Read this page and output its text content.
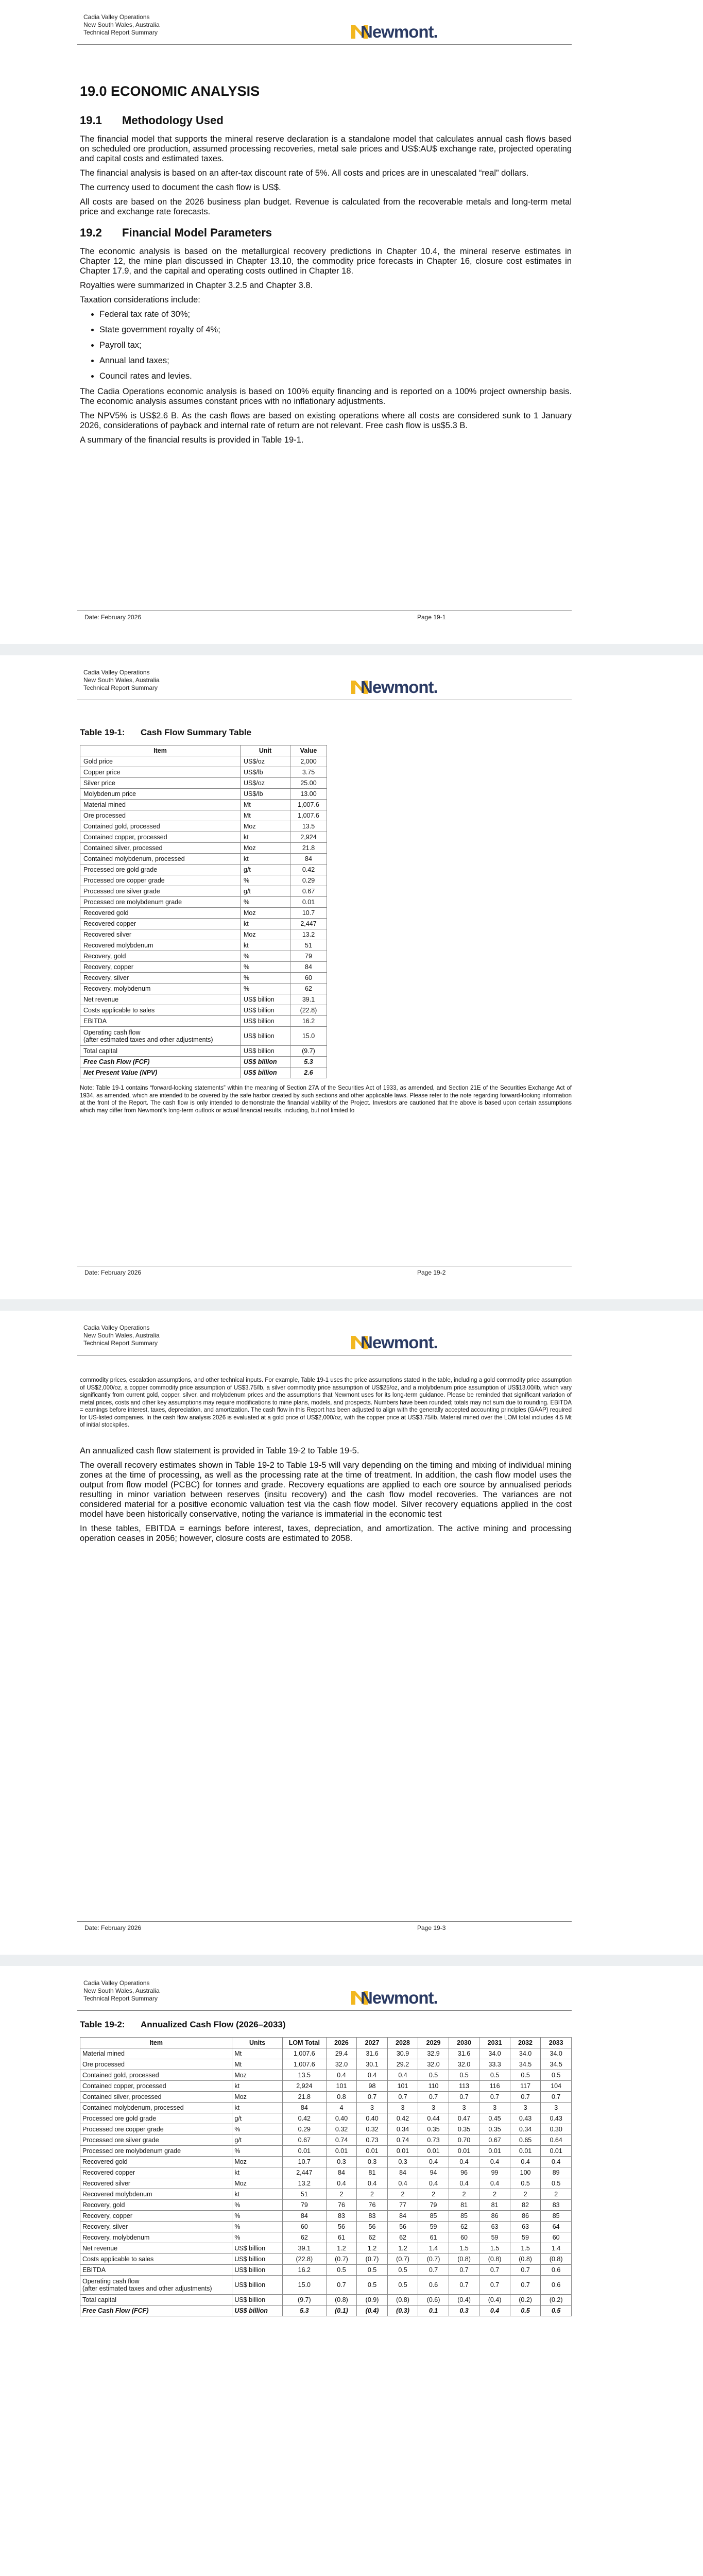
Cadia Valley Operations
New South Wales, Australia
Technical Report Summary	Newmont.
19.0 ECONOMIC ANALYSIS
19.1 Methodology Used

The financial model that supports the mineral reserve declaration is a standalone model that calculates annual cash flows based on scheduled ore production, assumed processing recoveries, metal sale prices and US$:AU$ exchange rate, projected operating and capital costs and estimated taxes.

The financial analysis is based on an after-tax discount rate of 5%. All costs and prices are in unescalated “real” dollars.

The currency used to document the cash flow is US$.

All costs are based on the 2026 business plan budget. Revenue is calculated from the recoverable metals and long-term metal price and exchange rate forecasts.

19.2 Financial Model Parameters

The economic analysis is based on the metallurgical recovery predictions in Chapter 10.4, the mineral reserve estimates in Chapter 12, the mine plan discussed in Chapter 13.10, the commodity price forecasts in Chapter 16, closure cost estimates in Chapter 17.9, and the capital and operating costs outlined in Chapter 18.

Royalties were summarized in Chapter 3.2.5 and Chapter 3.8.

Taxation considerations include:

• Federal tax rate of 30%;
• State government royalty of 4%;
• Payroll tax;
• Annual land taxes;
• Council rates and levies.

The Cadia Operations economic analysis is based on 100% equity financing and is reported on a 100% project ownership basis. The economic analysis assumes constant prices with no inflationary adjustments.

The NPV5% is US$2.6 B. As the cash flows are based on existing operations where all costs are considered sunk to 1 January 2026, considerations of payback and internal rate of return are not relevant. Free cash flow is us$5.3 B.

A summary of the financial results is provided in Table 19-1.

Date: February 2026	Page 19-1
Cadia Valley Operations
New South Wales, Australia
Technical Report Summary	Newmont.
Table 19-1: Cash Flow Summary Table
Item	Unit	Value
Gold price	US$/oz	2,000
Copper price	US$/lb	3.75
Silver price	US$/oz	25.00
Molybdenum price	US$/lb	13.00
Material mined	Mt	1,007.6
Ore processed	Mt	1,007.6
Contained gold, processed	Moz	13.5
Contained copper, processed	kt	2,924
Contained silver, processed	Moz	21.8
Contained molybdenum, processed	kt	84
Processed ore gold grade	g/t	0.42
Processed ore copper grade	%	0.29
Processed ore silver grade	g/t	0.67
Processed ore molybdenum grade	%	0.01
Recovered gold	Moz	10.7
Recovered copper	kt	2,447
Recovered silver	Moz	13.2
Recovered molybdenum	kt	51
Recovery, gold	%	79
Recovery, copper	%	84
Recovery, silver	%	60
Recovery, molybdenum	%	62
Net revenue	US$ billion	39.1
Costs applicable to sales	US$ billion	(22.8)
EBITDA	US$ billion	16.2
Operating cash flow
(after estimated taxes and other adjustments)	US$ billion	15.0
Total capital	US$ billion	(9.7)
Free Cash Flow (FCF)	US$ billion	5.3
Net Present Value (NPV)	US$ billion	2.6

Note: Table 19-1 contains “forward-looking statements” within the meaning of Section 27A of the Securities Act of 1933, as amended, and Section 21E of the Securities Exchange Act of 1934, as amended, which are intended to be covered by the safe harbor created by such sections and other applicable laws. Please refer to the note regarding forward-looking information at the front of the Report. The cash flow is only intended to demonstrate the financial viability of the Project. Investors are cautioned that the above is based upon certain assumptions which may differ from Newmont’s long-term outlook or actual financial results, including, but not limited to

Date: February 2026	Page 19-2
Cadia Valley Operations
New South Wales, Australia
Technical Report Summary	Newmont.

commodity prices, escalation assumptions, and other technical inputs. For example, Table 19-1 uses the price assumptions stated in the table, including a gold commodity price assumption of US$2,000/oz, a copper commodity price assumption of US$3.75/lb, a silver commodity price assumption of US$25/oz, and a molybdenum price assumption of US$13.00/lb, which vary significantly from current gold, copper, silver, and molybdenum prices and the assumptions that Newmont uses for its long-term guidance. Please be reminded that significant variation of metal prices, costs and other key assumptions may require modifications to mine plans, models, and prospects. Numbers have been rounded; totals may not sum due to rounding. EBITDA = earnings before interest, taxes, depreciation, and amortization. The cash flow in this Report has been adjusted to align with the generally accepted accounting principles (GAAP) required for US-listed companies. In the cash flow analysis 2026 is evaluated at a gold price of US$2,000/oz, with the copper price at US$3.75/lb. Material mined over the LOM total includes 4.5 Mt of initial stockpiles.

An annualized cash flow statement is provided in Table 19-2 to Table 19-5.

The overall recovery estimates shown in Table 19-2 to Table 19-5 will vary depending on the timing and mixing of individual mining zones at the time of processing, as well as the processing rate at the time of treatment. In addition, the cash flow model uses the output from flow model (PCBC) for tonnes and grade. Recovery equations are applied to each ore source by annualised periods resulting in minor variation between reserves (insitu recovery) and the cash flow model recoveries. The variances are not considered material for a positive economic valuation test via the cash flow model. Silver recovery equations applied in the cost model have been historically conservative, noting the variance is immaterial in the economic test

In these tables, EBITDA = earnings before interest, taxes, depreciation, and amortization. The active mining and processing operation ceases in 2056; however, closure costs are estimated to 2058.

Date: February 2026	Page 19-3
Cadia Valley Operations
New South Wales, Australia
Technical Report Summary	Newmont.
Table 19-2: Annualized Cash Flow (2026–2033)
Item	Units	LOM Total	2026	2027	2028	2029	2030	2031	2032	2033
Material mined	Mt	1,007.6	29.4	31.6	30.9	32.9	31.6	34.0	34.0	34.0
Ore processed	Mt	1,007.6	32.0	30.1	29.2	32.0	32.0	33.3	34.5	34.5
Contained gold, processed	Moz	13.5	0.4	0.4	0.4	0.5	0.5	0.5	0.5	0.5
Contained copper, processed	kt	2,924	101	98	101	110	113	116	117	104
Contained silver, processed	Moz	21.8	0.8	0.7	0.7	0.7	0.7	0.7	0.7	0.7
Contained molybdenum, processed	kt	84	4	3	3	3	3	3	3	3
Processed ore gold grade	g/t	0.42	0.40	0.40	0.42	0.44	0.47	0.45	0.43	0.43
Processed ore copper grade	%	0.29	0.32	0.32	0.34	0.35	0.35	0.35	0.34	0.30
Processed ore silver grade	g/t	0.67	0.74	0.73	0.74	0.73	0.70	0.67	0.65	0.64
Processed ore molybdenum grade	%	0.01	0.01	0.01	0.01	0.01	0.01	0.01	0.01	0.01
Recovered gold	Moz	10.7	0.3	0.3	0.3	0.4	0.4	0.4	0.4	0.4
Recovered copper	kt	2,447	84	81	84	94	96	99	100	89
Recovered silver	Moz	13.2	0.4	0.4	0.4	0.4	0.4	0.4	0.5	0.5
Recovered molybdenum	kt	51	2	2	2	2	2	2	2	2
Recovery, gold	%	79	76	76	77	79	81	81	82	83
Recovery, copper	%	84	83	83	84	85	85	86	86	85
Recovery, silver	%	60	56	56	56	59	62	63	63	64
Recovery, molybdenum	%	62	61	62	62	61	60	59	59	60
Net revenue	US$ billion	39.1	1.2	1.2	1.2	1.4	1.5	1.5	1.5	1.4
Costs applicable to sales	US$ billion	(22.8)	(0.7)	(0.7)	(0.7)	(0.7)	(0.8)	(0.8)	(0.8)	(0.8)
EBITDA	US$ billion	16.2	0.5	0.5	0.5	0.7	0.7	0.7	0.7	0.6
Operating cash flow
(after estimated taxes and other adjustments)	US$ billion	15.0	0.7	0.5	0.5	0.6	0.7	0.7	0.7	0.6
Total capital	US$ billion	(9.7)	(0.8)	(0.9)	(0.8)	(0.6)	(0.4)	(0.4)	(0.2)	(0.2)
Free Cash Flow (FCF)	US$ billion	5.3	(0.1)	(0.4)	(0.3)	0.1	0.3	0.4	0.5	0.5
